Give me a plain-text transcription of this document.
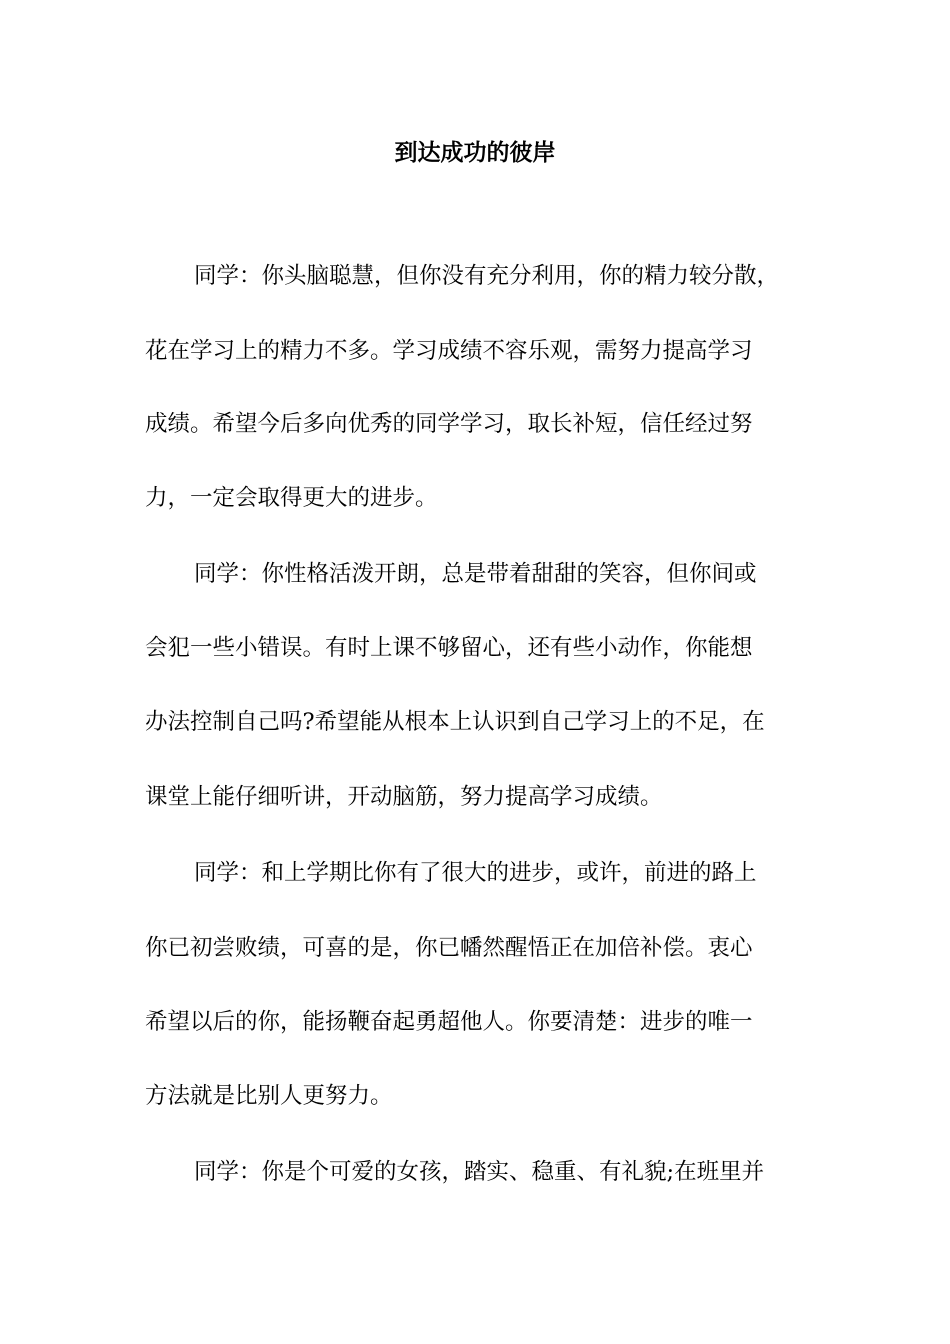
到达成功的彼岸
同学：你头脑聪慧，但你没有充分利用，你的精力较分散，
花在学习上的精力不多。学习成绩不容乐观，需努力提高学习
成绩。希望今后多向优秀的同学学习，取长补短，信任经过努
力，一定会取得更大的进步。
同学：你性格活泼开朗，总是带着甜甜的笑容，但你间或
会犯一些小错误。有时上课不够留心，还有些小动作，你能想
办法控制自己吗?希望能从根本上认识到自己学习上的不足，在
课堂上能仔细听讲，开动脑筋，努力提高学习成绩。
同学：和上学期比你有了很大的进步，或许，前进的路上
你已初尝败绩，可喜的是，你已幡然醒悟正在加倍补偿。衷心
希望以后的你，能扬鞭奋起勇超他人。你要清楚：进步的唯一
方法就是比别人更努力。
同学：你是个可爱的女孩，踏实、稳重、有礼貌;在班里并
